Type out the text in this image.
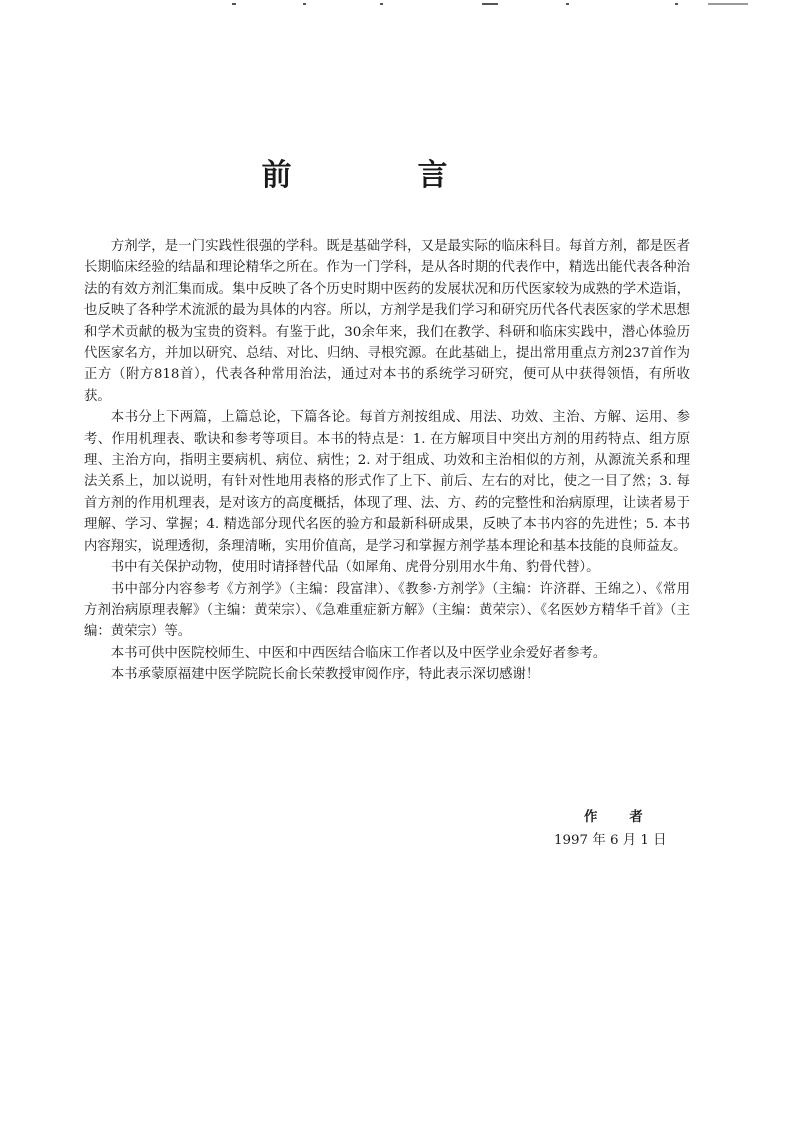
前　言

方剂学，是一门实践性很强的学科。既是基础学科，又是最实际的临床科目。每首方剂，都是医者长期临床经验的结晶和理论精华之所在。作为一门学科，是从各时期的代表作中，精选出能代表各种治法的有效方剂汇集而成。集中反映了各个历史时期中医药的发展状况和历代医家较为成熟的学术造诣，也反映了各种学术流派的最为具体的内容。所以，方剂学是我们学习和研究历代各代表医家的学术思想和学术贡献的极为宝贵的资料。有鉴于此，30余年来，我们在教学、科研和临床实践中，潜心体验历代医家名方，并加以研究、总结、对比、归纳、寻根究源。在此基础上，提出常用重点方剂237首作为正方（附方818首），代表各种常用治法，通过对本书的系统学习研究，便可从中获得领悟，有所收获。

本书分上下两篇，上篇总论，下篇各论。每首方剂按组成、用法、功效、主治、方解、运用、参考、作用机理表、歌诀和参考等项目。本书的特点是：1. 在方解项目中突出方剂的用药特点、组方原理、主治方向，指明主要病机、病位、病性；2. 对于组成、功效和主治相似的方剂，从源流关系和理法关系上，加以说明，有针对性地用表格的形式作了上下、前后、左右的对比，使之一目了然；3. 每首方剂的作用机理表，是对该方的高度概括，体现了理、法、方、药的完整性和治病原理，让读者易于理解、学习、掌握；4. 精选部分现代名医的验方和最新科研成果，反映了本书内容的先进性；5. 本书内容翔实，说理透彻，条理清晰，实用价值高，是学习和掌握方剂学基本理论和基本技能的良师益友。

书中有关保护动物，使用时请择替代品（如犀角、虎骨分别用水牛角、豹骨代替）。

书中部分内容参考《方剂学》（主编：段富津）、《教参·方剂学》（主编：许济群、王绵之）、《常用方剂治病原理表解》（主编：黄荣宗）、《急难重症新方解》（主编：黄荣宗）、《名医妙方精华千首》（主编：黄荣宗）等。

本书可供中医院校师生、中医和中西医结合临床工作者以及中医学业余爱好者参考。

本书承蒙原福建中医学院院长俞长荣教授审阅作序，特此表示深切感谢！

作者
1997 年 6 月 1 日
